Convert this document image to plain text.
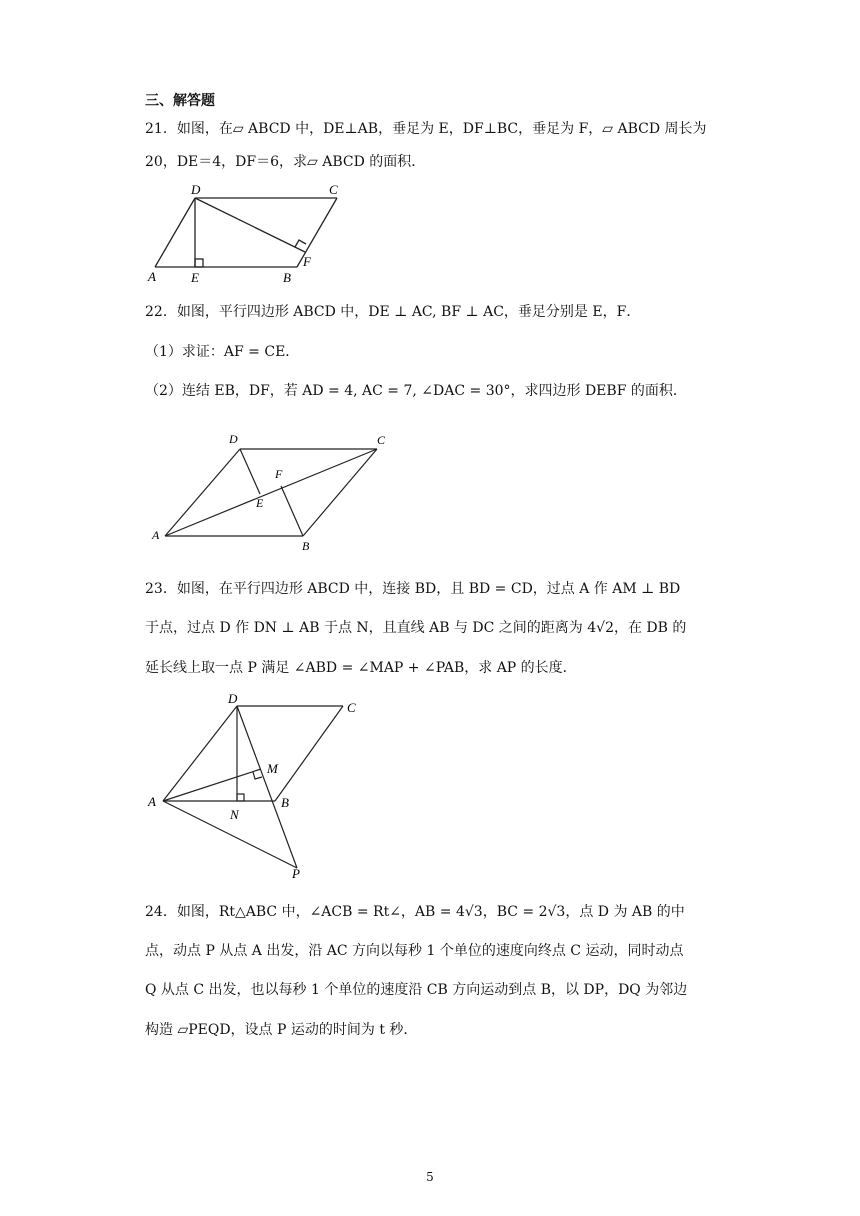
三、解答题
21．如图，在▱ ABCD 中，DE⊥AB，垂足为 E，DF⊥BC，垂足为 F，▱ ABCD 周长为
20，DE＝4，DF＝6，求▱ ABCD 的面积．
D	C
A	E	B
F
22．如图，平行四边形 ABCD 中，DE ⊥ AC, BF ⊥ AC，垂足分别是 E，F．
（1）求证：AF = CE．
（2）连结 EB，DF，若 AD = 4, AC = 7, ∠DAC = 30°，求四边形 DEBF 的面积．
D	C
F
E
A
B
23．如图，在平行四边形 ABCD 中，连接 BD，且 BD = CD，过点 A 作 AM ⊥ BD
于点，过点 D 作 DN ⊥ AB 于点 N，且直线 AB 与 DC 之间的距离为 4√2，在 DB 的
延长线上取一点 P 满足 ∠ABD = ∠MAP + ∠PAB，求 AP 的长度．
D
C
M
A
N
B
P
24．如图，Rt△ABC 中，∠ACB = Rt∠，AB = 4√3，BC = 2√3，点 D 为 AB 的中
点，动点 P 从点 A 出发，沿 AC 方向以每秒 1 个单位的速度向终点 C 运动，同时动点
Q 从点 C 出发，也以每秒 1 个单位的速度沿 CB 方向运动到点 B，以 DP，DQ 为邻边
构造 ▱PEQD，设点 P 运动的时间为 t 秒．
5
